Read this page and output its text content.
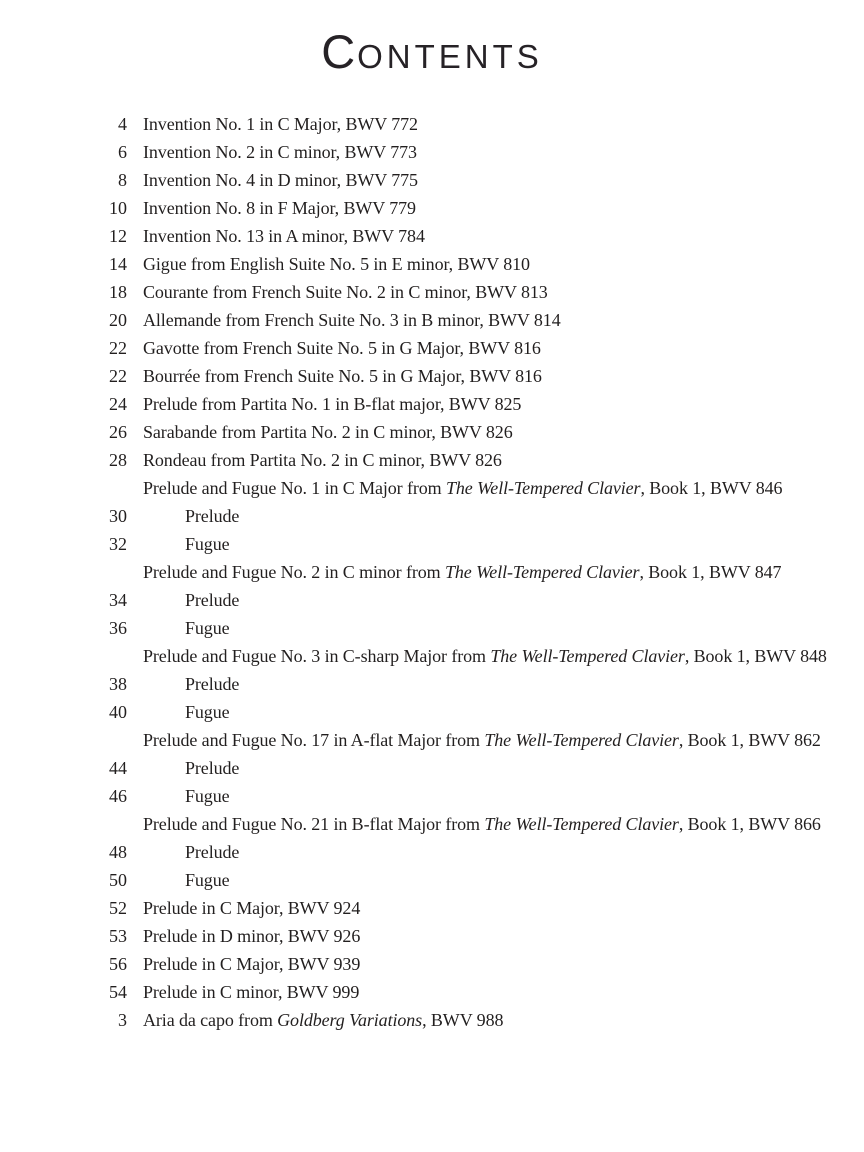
CONTENTS
4 Invention No. 1 in C Major, BWV 772
6 Invention No. 2 in C minor, BWV 773
8 Invention No. 4 in D minor, BWV 775
10 Invention No. 8 in F Major, BWV 779
12 Invention No. 13 in A minor, BWV 784
14 Gigue from English Suite No. 5 in E minor, BWV 810
18 Courante from French Suite No. 2 in C minor, BWV 813
20 Allemande from French Suite No. 3 in B minor, BWV 814
22 Gavotte from French Suite No. 5 in G Major, BWV 816
22 Bourrée from French Suite No. 5 in G Major, BWV 816
24 Prelude from Partita No. 1 in B-flat major, BWV 825
26 Sarabande from Partita No. 2 in C minor, BWV 826
28 Rondeau from Partita No. 2 in C minor, BWV 826
Prelude and Fugue No. 1 in C Major from The Well-Tempered Clavier, Book 1, BWV 846
30	Prelude
32	Fugue
Prelude and Fugue No. 2 in C minor from The Well-Tempered Clavier, Book 1, BWV 847
34	Prelude
36	Fugue
Prelude and Fugue No. 3 in C-sharp Major from The Well-Tempered Clavier, Book 1, BWV 848
38	Prelude
40	Fugue
Prelude and Fugue No. 17 in A-flat Major from The Well-Tempered Clavier, Book 1, BWV 862
44	Prelude
46	Fugue
Prelude and Fugue No. 21 in B-flat Major from The Well-Tempered Clavier, Book 1, BWV 866
48	Prelude
50	Fugue
52 Prelude in C Major, BWV 924
53 Prelude in D minor, BWV 926
56 Prelude in C Major, BWV 939
54 Prelude in C minor, BWV 999
3 Aria da capo from Goldberg Variations, BWV 988
